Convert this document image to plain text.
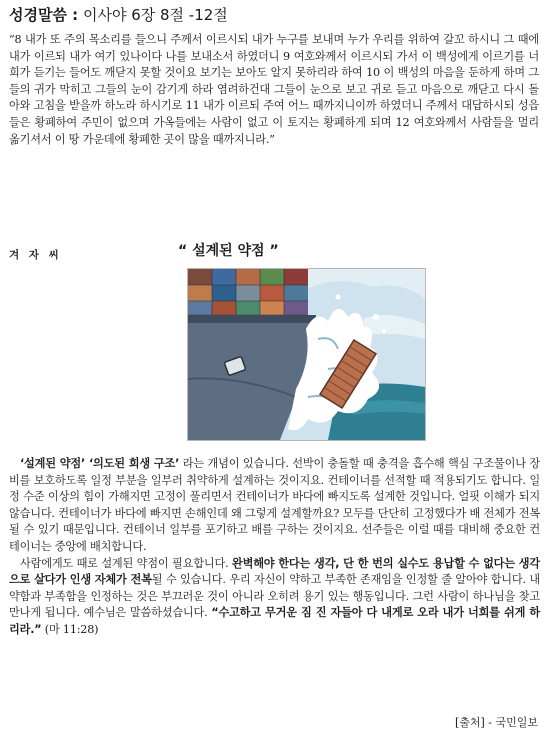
성경말씀 : 이사야 6장 8절 -12절
“8 내가 또 주의 목소리를 들으니 주께서 이르시되 내가 누구를 보내며 누가 우리를 위하여 갈꼬 하시니 그 때에 내가 이르되 내가 여기 있나이다 나를 보내소서 하였더니 9 여호와께서 이르시되 가서 이 백성에게 이르기를 너희가 듣기는 들어도 깨닫지 못할 것이요 보기는 보아도 알지 못하리라 하여 10 이 백성의 마음을 둔하게 하며 그들의 귀가 막히고 그들의 눈이 감기게 하라 염려하건대 그들이 눈으로 보고 귀로 듣고 마음으로 깨닫고 다시 돌아와 고침을 받을까 하노라 하시기로 11 내가 이르되 주여 어느 때까지니이까 하였더니 주께서 대답하시되 성읍들은 황폐하여 주민이 없으며 가옥들에는 사람이 없고 이 토지는 황폐하게 되며 12 여호와께서 사람들을 멀리 옮기셔서 이 땅 가운데에 황폐한 곳이 많을 때까지니라.”
겨 자 씨	“ 설계된 약점 ”

‘설계된 약점’ ‘의도된 희생 구조’ 라는 개념이 있습니다. 선박이 충돌할 때 충격을 흡수해 핵심 구조물이나 장비를 보호하도록 일정 부분을 일부러 취약하게 설계하는 것이지요. 컨테이너를 선적할 때 적용되기도 합니다. 일정 수준 이상의 힘이 가해지면 고정이 풀리면서 컨테이너가 바다에 빠지도록 설계한 것입니다. 얼핏 이해가 되지 않습니다. 컨테이너가 바다에 빠지면 손해인데 왜 그렇게 설계할까요? 모두를 단단히 고정했다가 배 전체가 전복될 수 있기 때문입니다. 컨테이너 일부를 포기하고 배를 구하는 것이지요. 선주들은 이럴 때를 대비해 중요한 컨테이너는 중앙에 배치합니다.

사람에게도 때로 설계된 약점이 필요합니다. 완벽해야 한다는 생각, 단 한 번의 실수도 용납할 수 없다는 생각으로 살다가 인생 자체가 전복될 수 있습니다. 우리 자신이 약하고 부족한 존재임을 인정할 줄 알아야 합니다. 내 약함과 부족함을 인정하는 것은 부끄러운 것이 아니라 오히려 용기 있는 행동입니다. 그런 사람이 하나님을 찾고 만나게 됩니다. 예수님은 말씀하셨습니다. “수고하고 무거운 짐 진 자들아 다 내게로 오라 내가 너희를 쉬게 하리라.” (마 11:28)

[출처] - 국민일보
